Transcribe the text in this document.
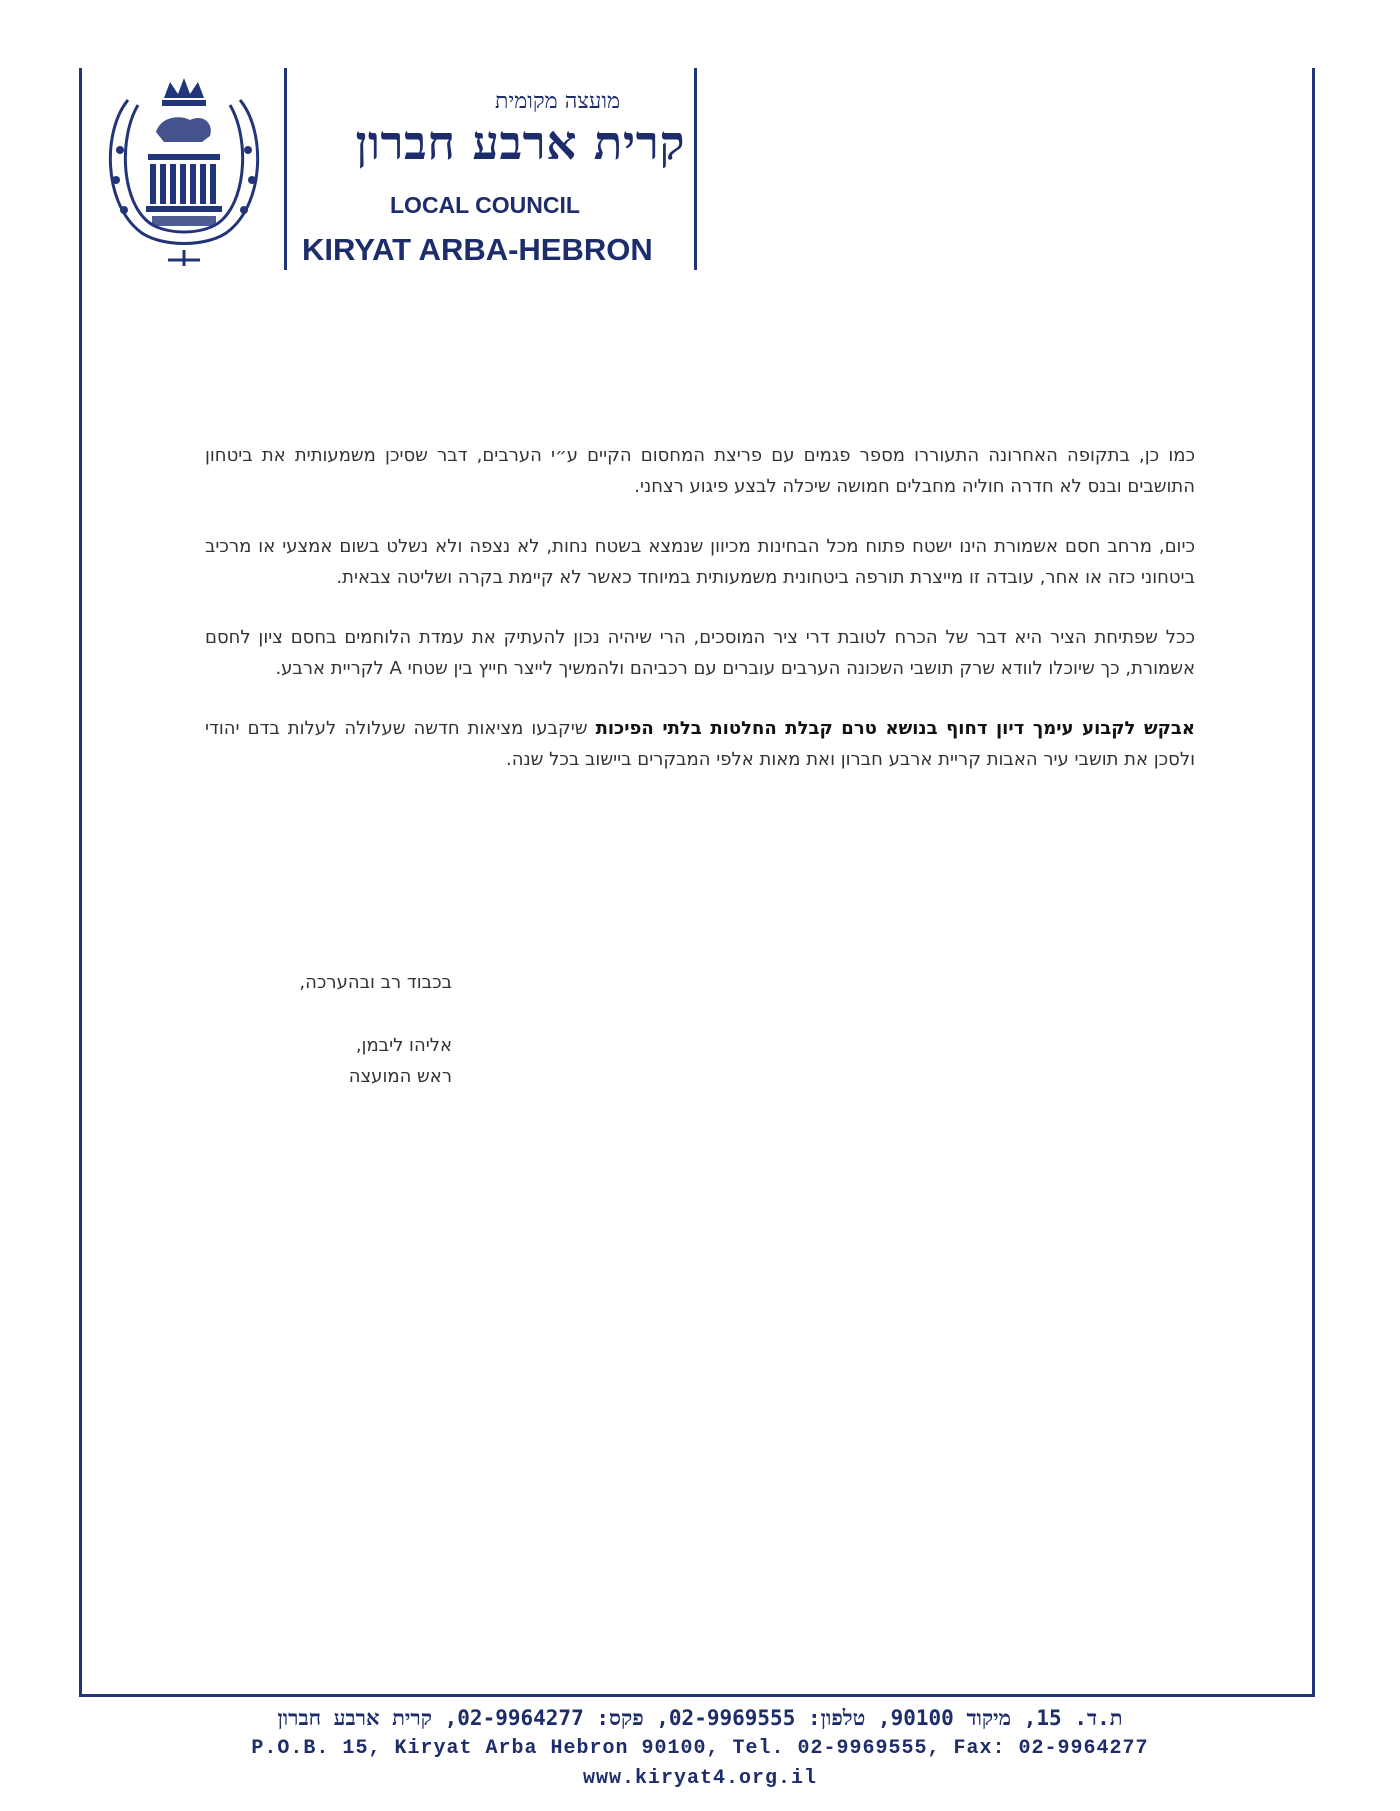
מועצה מקומית
קרית ארבע חברון
LOCAL COUNCIL
KIRYAT ARBA-HEBRON

כמו כן, בתקופה האחרונה התעוררו מספר פגמים עם פריצת המחסום הקיים ע״י הערבים, דבר שסיכן משמעותית את ביטחון התושבים ובנס לא חדרה חוליה מחבלים חמושה שיכלה לבצע פיגוע רצחני.

כיום, מרחב חסם אשמורת הינו ישטח פתוח מכל הבחינות מכיוון שנמצא בשטח נחות, לא נצפה ולא נשלט בשום אמצעי או מרכיב ביטחוני כזה או אחר, עובדה זו מייצרת תורפה ביטחונית משמעותית במיוחד כאשר לא קיימת בקרה ושליטה צבאית.

ככל שפתיחת הציר היא דבר של הכרח לטובת דרי ציר המוסכים, הרי שיהיה נכון להעתיק את עמדת הלוחמים בחסם ציון לחסם אשמורת, כך שיוכלו לוודא שרק תושבי השכונה הערבים עוברים עם רכביהם ולהמשיך לייצר חייץ בין שטחי A לקריית ארבע.

אבקש לקבוע עימך דיון דחוף בנושא טרם קבלת החלטות בלתי הפיכות שיקבעו מציאות חדשה שעלולה לעלות בדם יהודי ולסכן את תושבי עיר האבות קריית ארבע חברון ואת מאות אלפי המבקרים ביישוב בכל שנה.

בכבוד רב ובהערכה,
אליהו ליבמן,
ראש המועצה
ת.ד. 15, מיקוד 90100, טלפון: 02-9969555, פקס: 02-9964277, קרית ארבע חברון
P.O.B. 15, Kiryat Arba Hebron 90100, Tel. 02-9969555, Fax: 02-9964277
www.kiryat4.org.il
